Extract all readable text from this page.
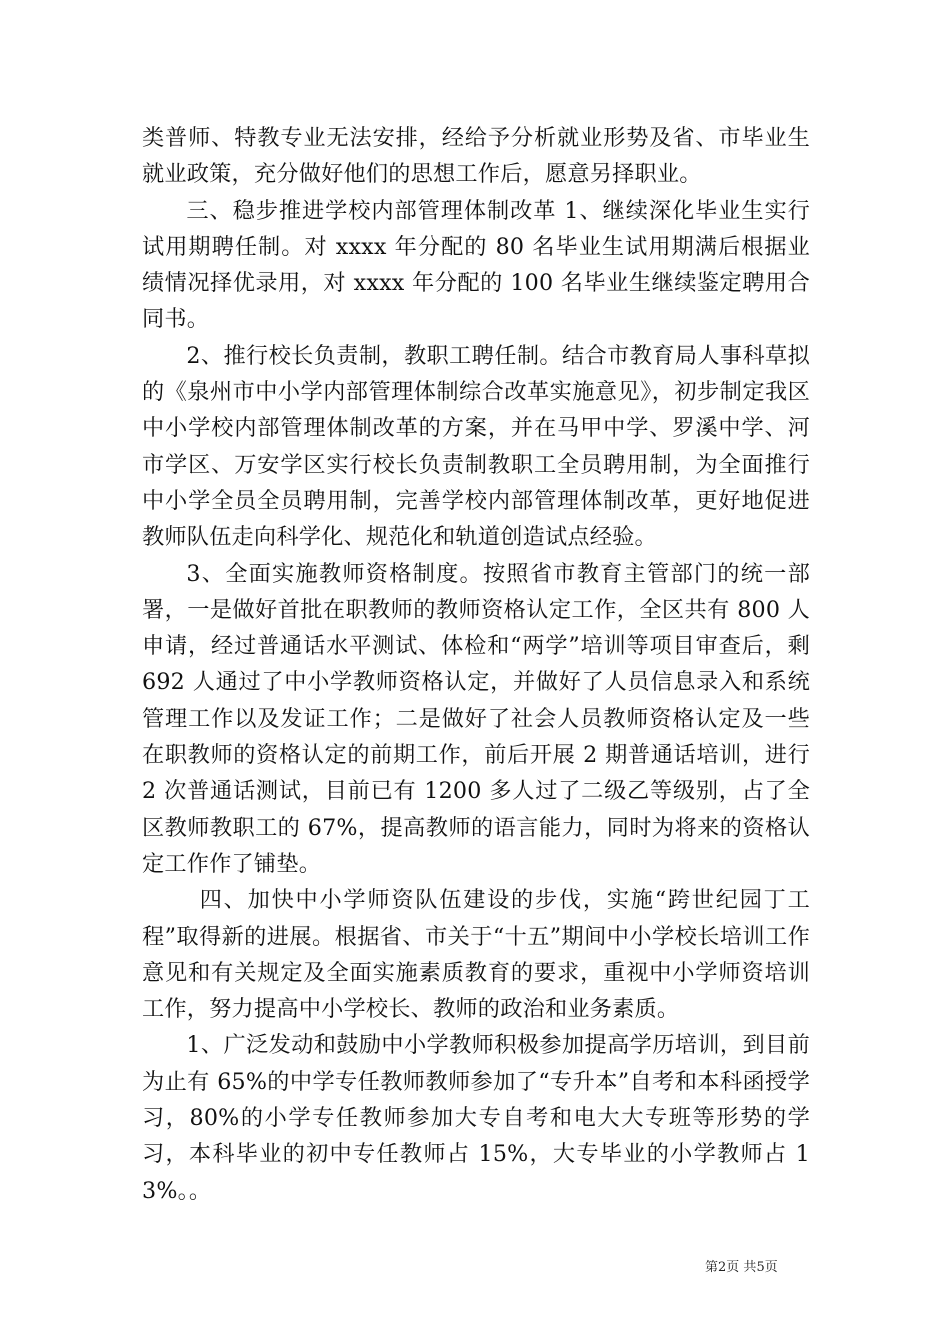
类普师、特教专业无法安排，经给予分析就业形势及省、市毕业生就业政策，充分做好他们的思想工作后，愿意另择职业。

三、稳步推进学校内部管理体制改革 1、继续深化毕业生实行试用期聘任制。对 xxxx 年分配的 80 名毕业生试用期满后根据业绩情况择优录用，对 xxxx 年分配的 100 名毕业生继续鉴定聘用合同书。

2、推行校长负责制，教职工聘任制。结合市教育局人事科草拟的《泉州市中小学内部管理体制综合改革实施意见》，初步制定我区中小学校内部管理体制改革的方案，并在马甲中学、罗溪中学、河市学区、万安学区实行校长负责制教职工全员聘用制，为全面推行中小学全员全员聘用制，完善学校内部管理体制改革，更好地促进教师队伍走向科学化、规范化和轨道创造试点经验。

3、全面实施教师资格制度。按照省市教育主管部门的统一部署，一是做好首批在职教师的教师资格认定工作，全区共有 800 人申请，经过普通话水平测试、体检和“两学”培训等项目审查后，剩 692 人通过了中小学教师资格认定，并做好了人员信息录入和系统管理工作以及发证工作；二是做好了社会人员教师资格认定及一些在职教师的资格认定的前期工作，前后开展 2 期普通话培训，进行 2 次普通话测试，目前已有 1200 多人过了二级乙等级别，占了全区教师教职工的 67%，提高教师的语言能力，同时为将来的资格认定工作作了铺垫。

四、加快中小学师资队伍建设的步伐，实施“跨世纪园丁工程”取得新的进展。根据省、市关于“十五”期间中小学校长培训工作意见和有关规定及全面实施素质教育的要求，重视中小学师资培训工作，努力提高中小学校长、教师的政治和业务素质。

1、广泛发动和鼓励中小学教师积极参加提高学历培训，到目前为止有 65%的中学专任教师教师参加了“专升本”自考和本科函授学习，80%的小学专任教师参加大专自考和电大大专班等形势的学习，本科毕业的初中专任教师占 15%，大专毕业的小学教师占 13%。。

第2页 共5页
